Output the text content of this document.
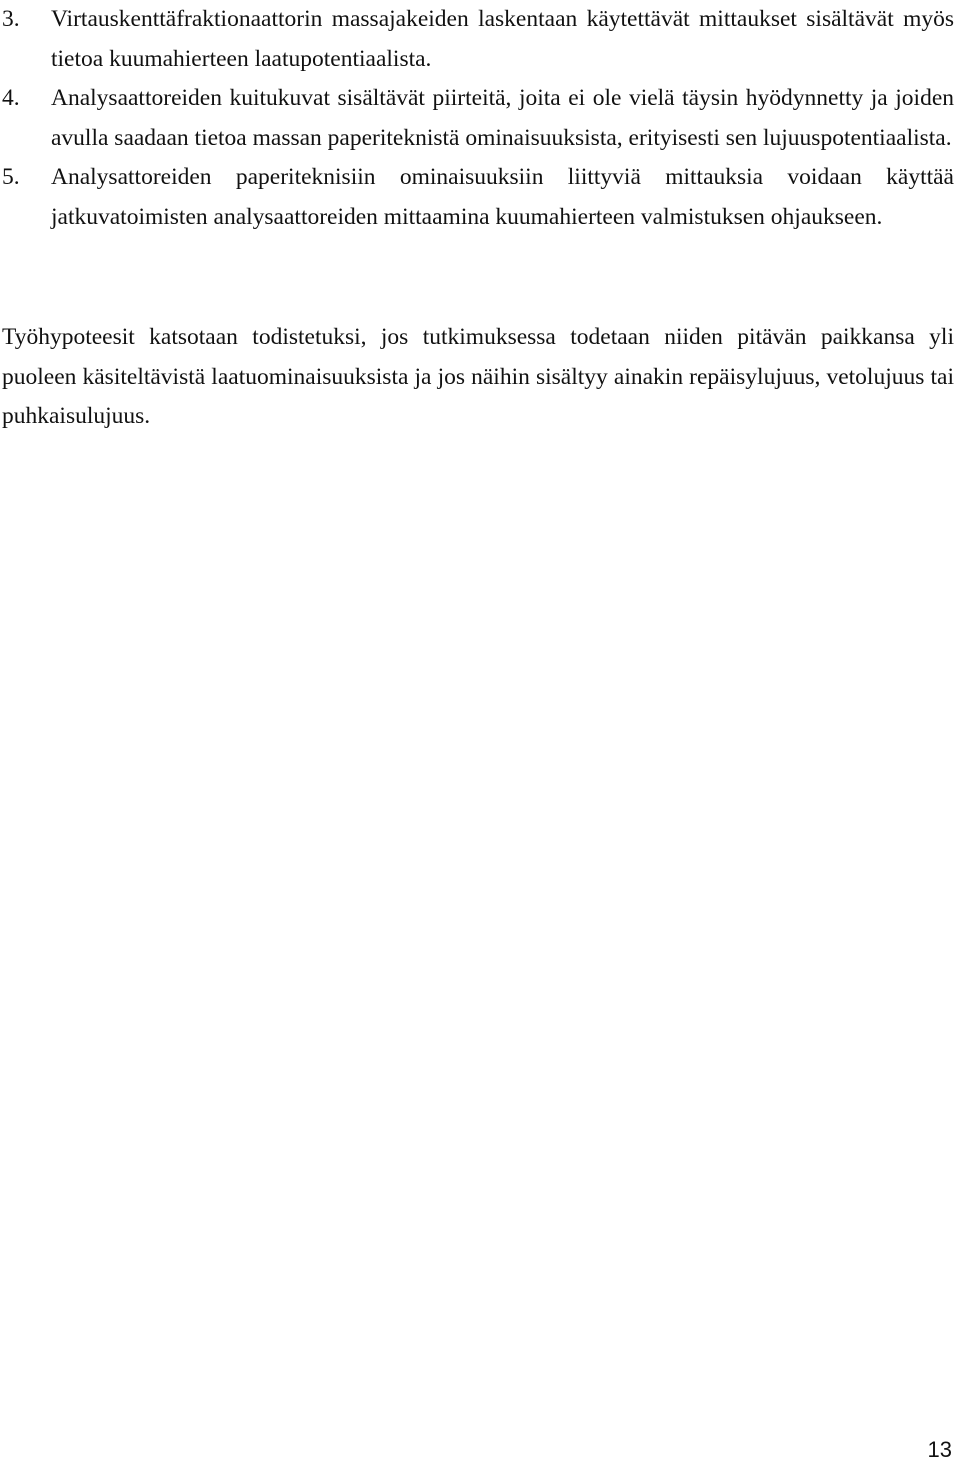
3. Virtauskenttäfraktionaattorin massajakeiden laskentaan käytettävät mittaukset sisältävät myös tietoa kuumahierteen laatupotentiaalista.
4. Analysaattoreiden kuitukuvat sisältävät piirteitä, joita ei ole vielä täysin hyödynnetty ja joiden avulla saadaan tietoa massan paperiteknistä ominaisuuksista, erityisesti sen lujuuspotentiaalista.
5. Analysattoreiden paperiteknisiin ominaisuuksiin liittyviä mittauksia voidaan käyttää jatkuvatoimisten analysaattoreiden mittaamina kuumahierteen valmistuksen ohjaukseen.

Työhypoteesit katsotaan todistetuksi, jos tutkimuksessa todetaan niiden pitävän paikkansa yli puoleen käsiteltävistä laatuominaisuuksista ja jos näihin sisältyy ainakin repäisylujuus, vetolujuus tai puhkaisulujuus.

13
